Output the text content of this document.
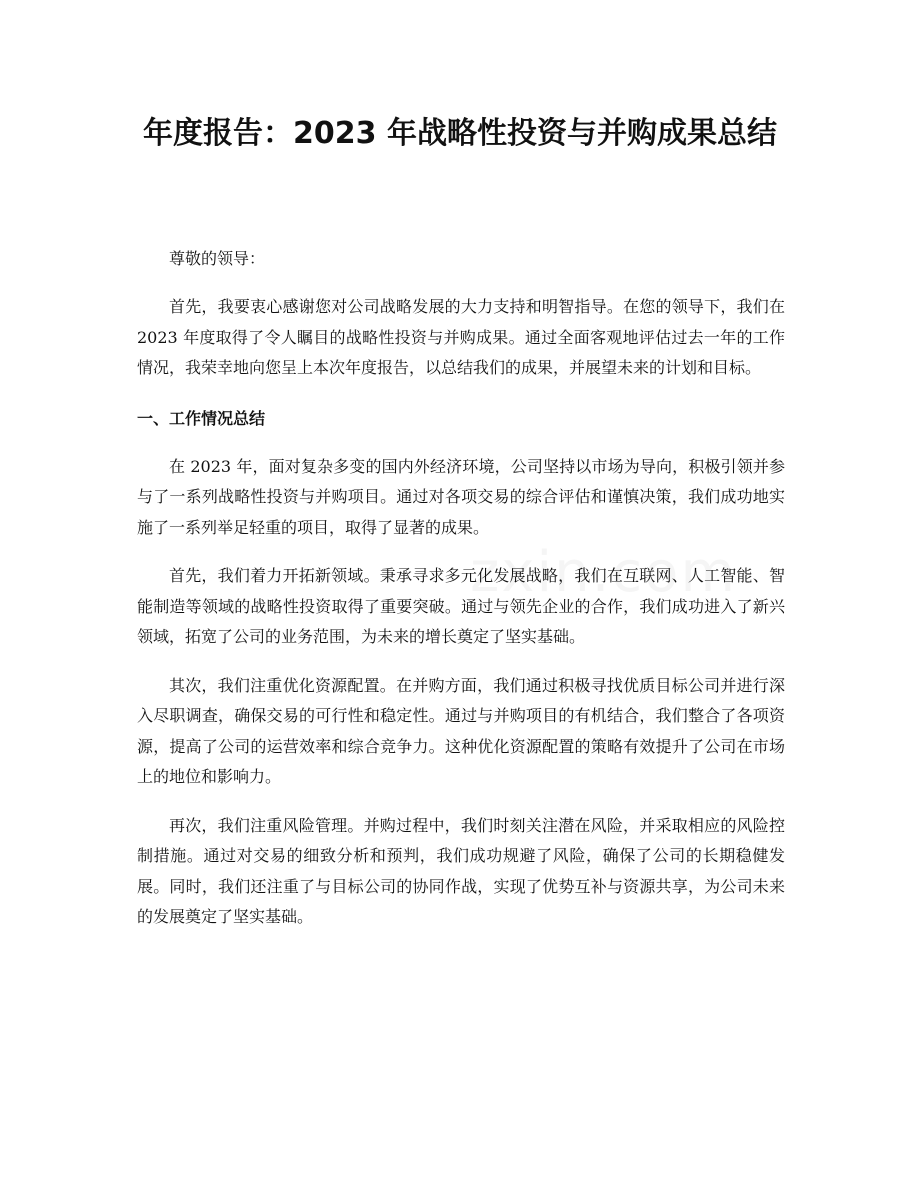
年度报告：2023 年战略性投资与并购成果总结

尊敬的领导：

首先，我要衷心感谢您对公司战略发展的大力支持和明智指导。在您的领导下，我们在 2023 年度取得了令人瞩目的战略性投资与并购成果。通过全面客观地评估过去一年的工作情况，我荣幸地向您呈上本次年度报告，以总结我们的成果，并展望未来的计划和目标。

一、工作情况总结

在 2023 年，面对复杂多变的国内外经济环境，公司坚持以市场为导向，积极引领并参与了一系列战略性投资与并购项目。通过对各项交易的综合评估和谨慎决策，我们成功地实施了一系列举足轻重的项目，取得了显著的成果。

首先，我们着力开拓新领域。秉承寻求多元化发展战略，我们在互联网、人工智能、智能制造等领域的战略性投资取得了重要突破。通过与领先企业的合作，我们成功进入了新兴领域，拓宽了公司的业务范围，为未来的增长奠定了坚实基础。

其次，我们注重优化资源配置。在并购方面，我们通过积极寻找优质目标公司并进行深入尽职调查，确保交易的可行性和稳定性。通过与并购项目的有机结合，我们整合了各项资源，提高了公司的运营效率和综合竞争力。这种优化资源配置的策略有效提升了公司在市场上的地位和影响力。

再次，我们注重风险管理。并购过程中，我们时刻关注潜在风险，并采取相应的风险控制措施。通过对交易的细致分析和预判，我们成功规避了风险，确保了公司的长期稳健发展。同时，我们还注重了与目标公司的协同作战，实现了优势互补与资源共享，为公司未来的发展奠定了坚实基础。
